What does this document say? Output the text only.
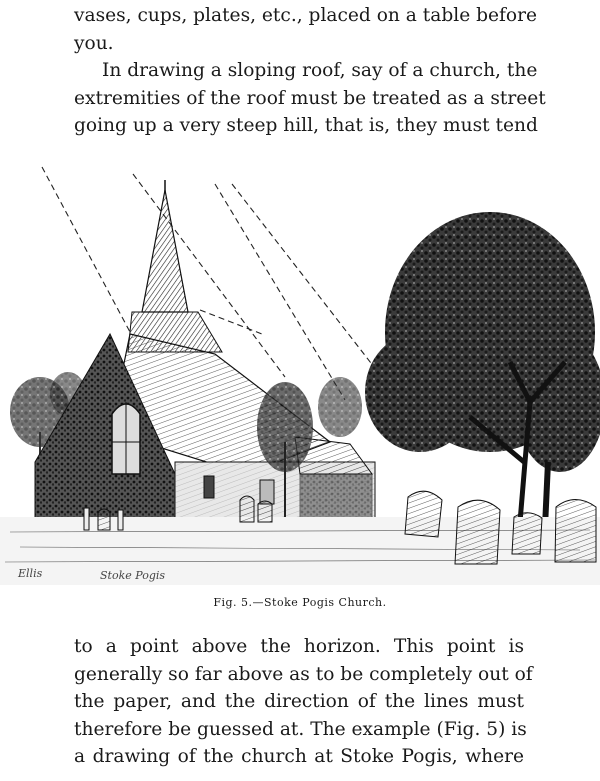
vases, cups, plates, etc., placed on a table before
you.
In drawing a sloping roof, say of a church, the
extremities of the roof must be treated as a street
going up a very steep hill, that is, they must tend
Ellis	Stoke Pogis
Fig. 5.—Stoke Pogis Church.
to a point above the horizon. This point is
generally so far above as to be completely out of
the paper, and the direction of the lines must
therefore be guessed at. The example (Fig. 5) is
a drawing of the church at Stoke Pogis, where
